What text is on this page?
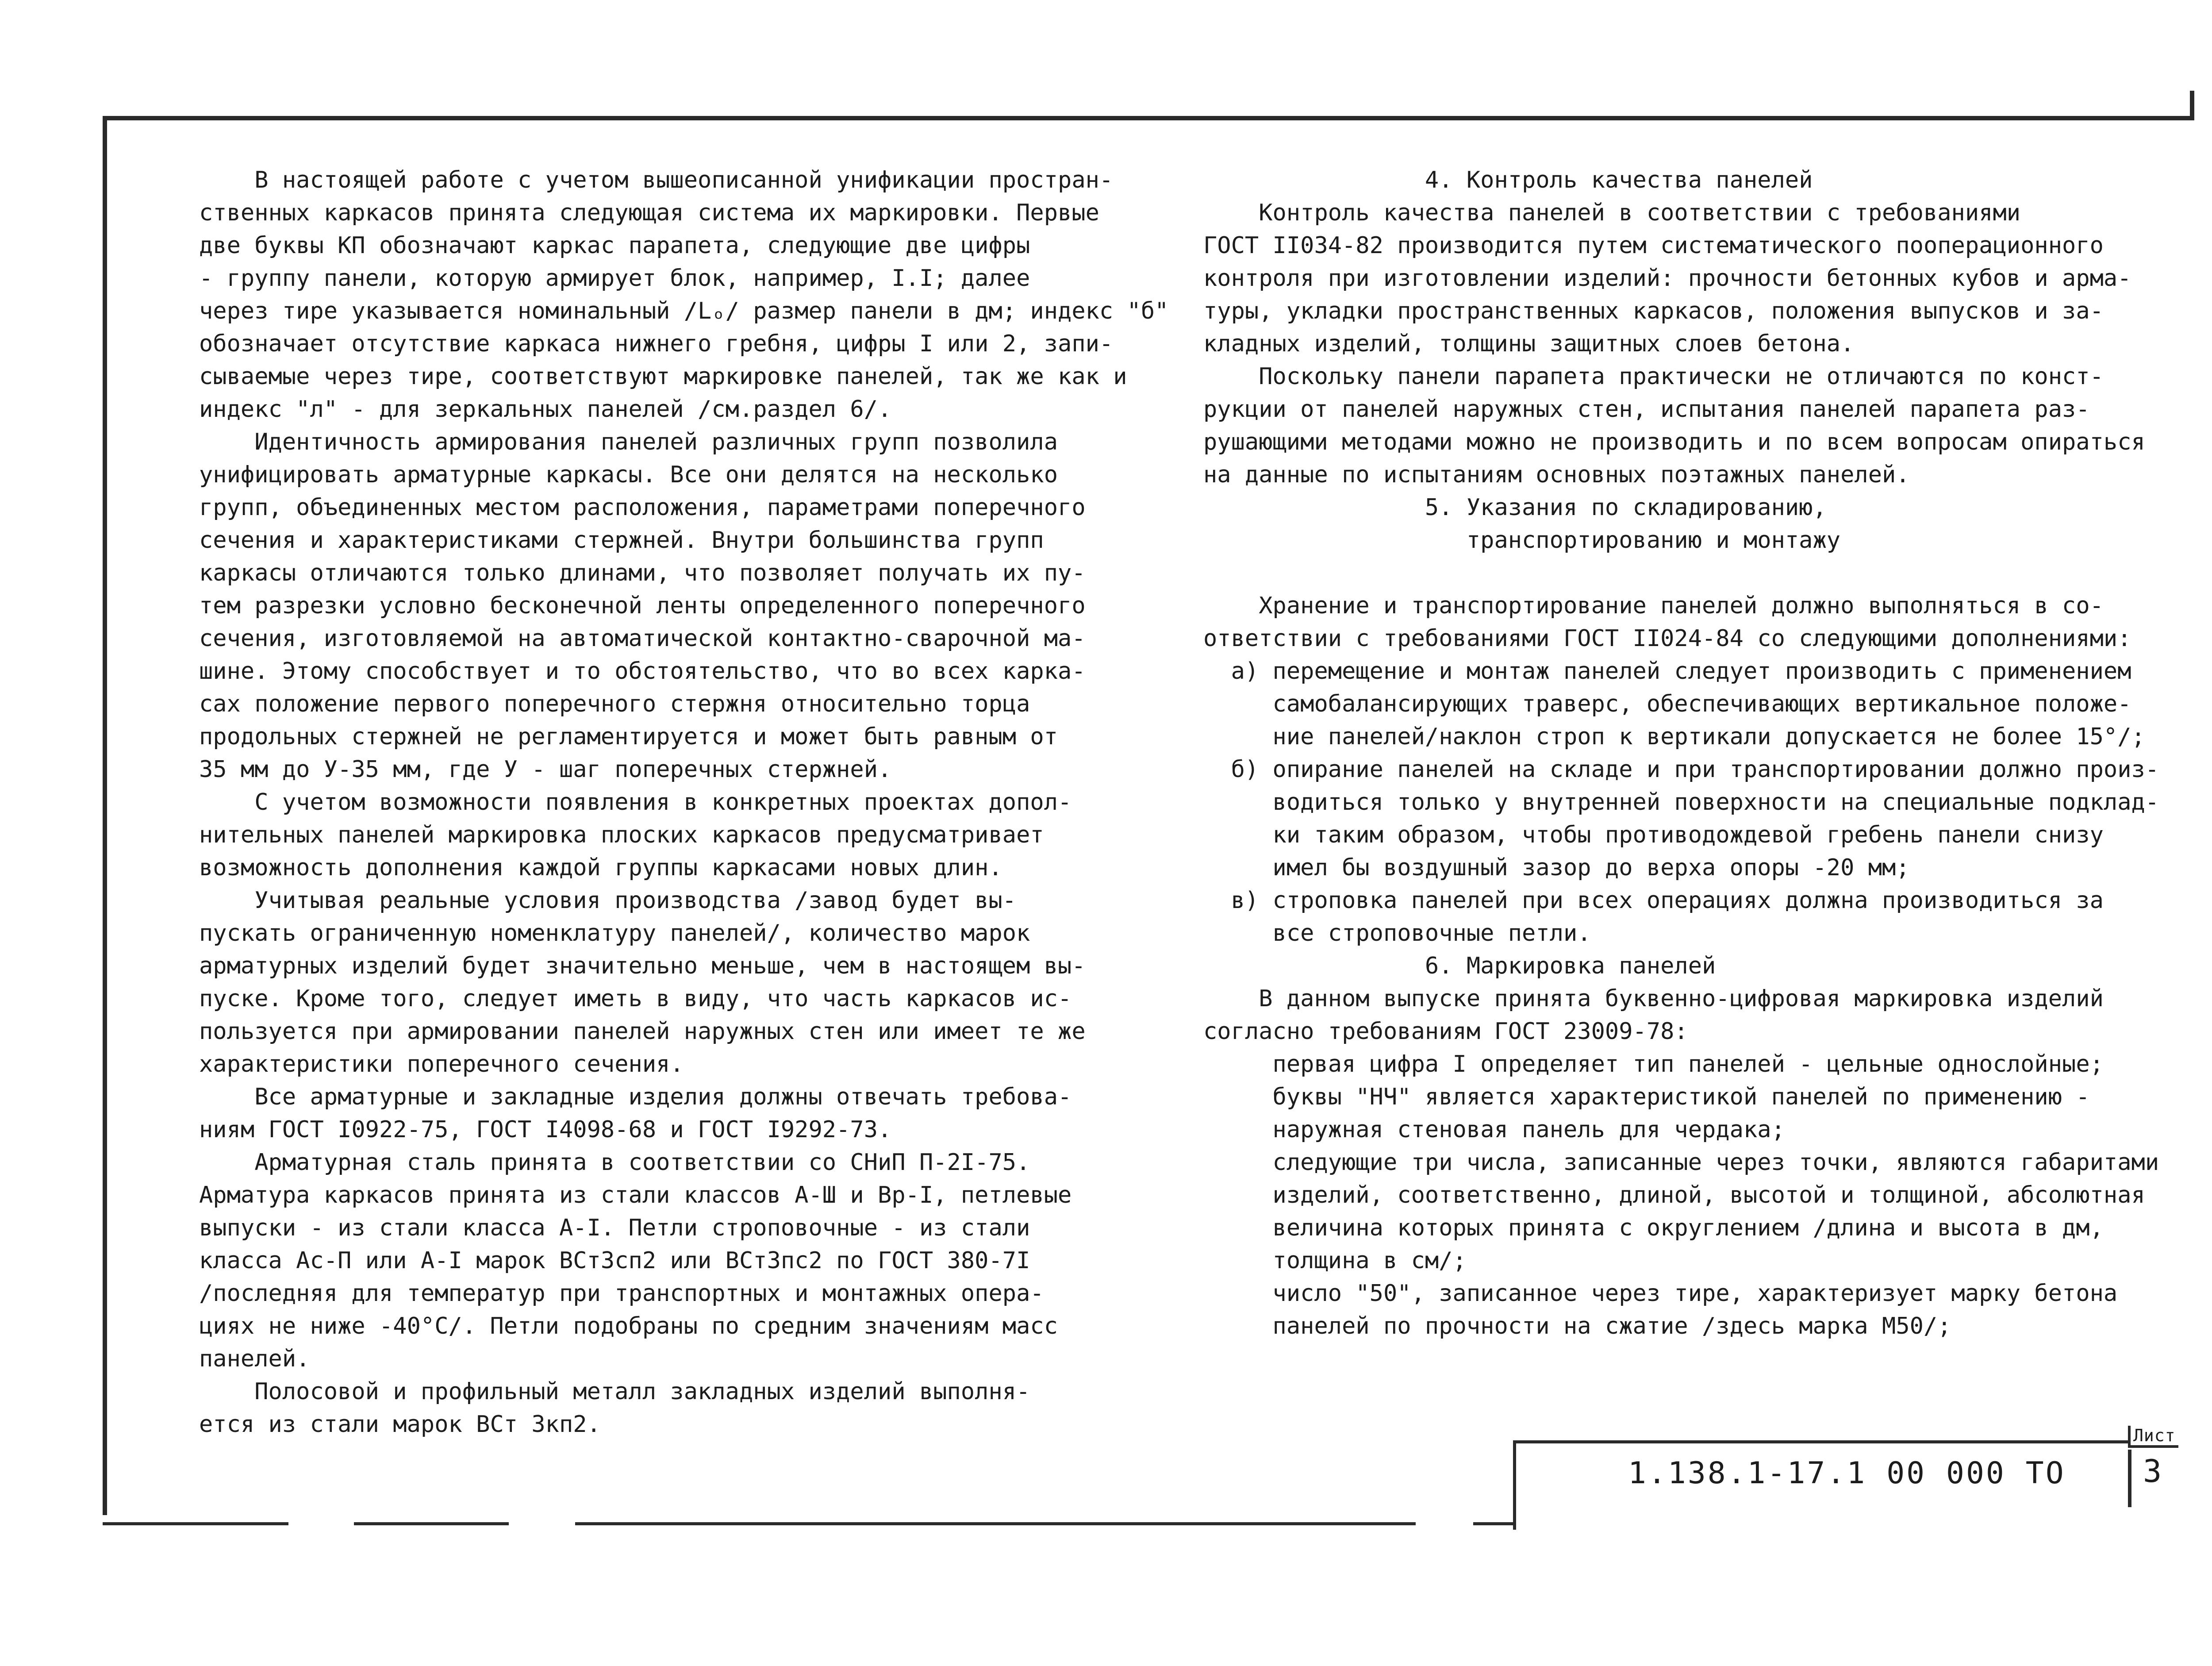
В настоящей работе с учетом вышеописанной унификации простран-
ственных каркасов принята следующая система их маркировки. Первые
две буквы КП обозначают каркас парапета, следующие две цифры
- группу панели, которую армирует блок, например, I.I; далее
через тире указывается номинальный /Lₒ/ размер панели в дм; индекс "б"
обозначает отсутствие каркаса нижнего гребня, цифры I или 2, запи-
сываемые через тире, соответствуют маркировке панелей, так же как и
индекс "л" - для зеркальных панелей /см.раздел 6/.
Идентичность армирования панелей различных групп позволила
унифицировать арматурные каркасы. Все они делятся на несколько
групп, объединенных местом расположения, параметрами поперечного
сечения и характеристиками стержней. Внутри большинства групп
каркасы отличаются только длинами, что позволяет получать их пу-
тем разрезки условно бесконечной ленты определенного поперечного
сечения, изготовляемой на автоматической контактно-сварочной ма-
шине. Этому способствует и то обстоятельство, что во всех карка-
сах положение первого поперечного стержня относительно торца
продольных стержней не регламентируется и может быть равным от
35 мм до У-35 мм, где У - шаг поперечных стержней.
С учетом возможности появления в конкретных проектах допол-
нительных панелей маркировка плоских каркасов предусматривает
возможность дополнения каждой группы каркасами новых длин.
Учитывая реальные условия производства /завод будет вы-
пускать ограниченную номенклатуру панелей/, количество марок
арматурных изделий будет значительно меньше, чем в настоящем вы-
пуске. Кроме того, следует иметь в виду, что часть каркасов ис-
пользуется при армировании панелей наружных стен или имеет те же
характеристики поперечного сечения.
Все арматурные и закладные изделия должны отвечать требова-
ниям ГОСТ I0922-75, ГОСТ I4098-68 и ГОСТ I9292-73.
Арматурная сталь принята в соответствии со СНиП П-2I-75.
Арматура каркасов принята из стали классов А-Ш и Вр-I, петлевые
выпуски - из стали класса А-I. Петли строповочные - из стали
класса Ас-П или А-I марок ВСт3сп2 или ВСт3пс2 по ГОСТ 380-7I
/последняя для температур при транспортных и монтажных опера-
циях не ниже -40°С/. Петли подобраны по средним значениям масс
панелей.
Полосовой и профильный металл закладных изделий выполня-
ется из стали марок ВСт 3кп2.
4. Контроль качества панелей
Контроль качества панелей в соответствии с требованиями
ГОСТ II034-82 производится путем систематического пооперационного
контроля при изготовлении изделий: прочности бетонных кубов и арма-
туры, укладки пространственных каркасов, положения выпусков и за-
кладных изделий, толщины защитных слоев бетона.
Поскольку панели парапета практически не отличаются по конст-
рукции от панелей наружных стен, испытания панелей парапета раз-
рушающими методами можно не производить и по всем вопросам опираться
на данные по испытаниям основных поэтажных панелей.
5. Указания по складированию,
транспортированию и монтажу

Хранение и транспортирование панелей должно выполняться в со-
ответствии с требованиями ГОСТ II024-84 со следующими дополнениями:
а) перемещение и монтаж панелей следует производить с применением
самобалансирующих траверс, обеспечивающих вертикальное положе-
ние панелей/наклон строп к вертикали допускается не более 15°/;
б) опирание панелей на складе и при транспортировании должно произ-
водиться только у внутренней поверхности на специальные подклад-
ки таким образом, чтобы противодождевой гребень панели снизу
имел бы воздушный зазор до верха опоры -20 мм;
в) строповка панелей при всех операциях должна производиться за
все строповочные петли.
6. Маркировка панелей
В данном выпуске принята буквенно-цифровая маркировка изделий
согласно требованиям ГОСТ 23009-78:
первая цифра I определяет тип панелей - цельные однослойные;
буквы "НЧ" является характеристикой панелей по применению -
наружная стеновая панель для чердака;
следующие три числа, записанные через точки, являются габаритами
изделий, соответственно, длиной, высотой и толщиной, абсолютная
величина которых принята с округлением /длина и высота в дм,
толщина в см/;
число "50", записанное через тире, характеризует марку бетона
панелей по прочности на сжатие /здесь марка М50/;
1.138.1-17.1 00 000 ТО
Лист
3
